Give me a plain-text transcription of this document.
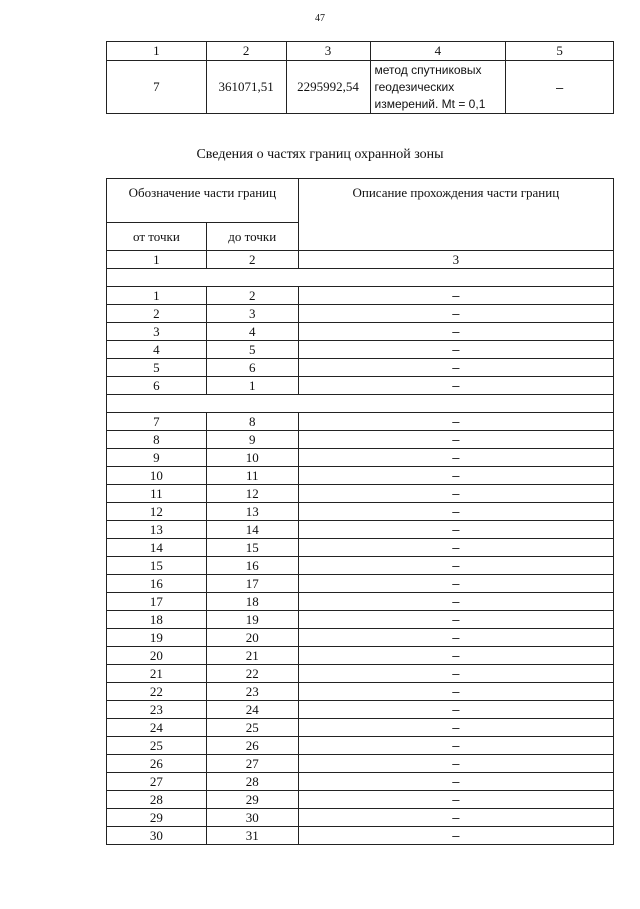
47
1	2	3	4	5
7	361071,51	2295992,54	метод спутниковых
геодезических
измерений. Mt = 0,1	–
Сведения о частях границ охранной зоны
Обозначение части границ		Описание прохождения части границ
от точки	до точки	
1	2	3

1	2	–
2	3	–
3	4	–
4	5	–
5	6	–
6	1	–

7	8	–
8	9	–
9	10	–
10	11	–
11	12	–
12	13	–
13	14	–
14	15	–
15	16	–
16	17	–
17	18	–
18	19	–
19	20	–
20	21	–
21	22	–
22	23	–
23	24	–
24	25	–
25	26	–
26	27	–
27	28	–
28	29	–
29	30	–
30	31	–
